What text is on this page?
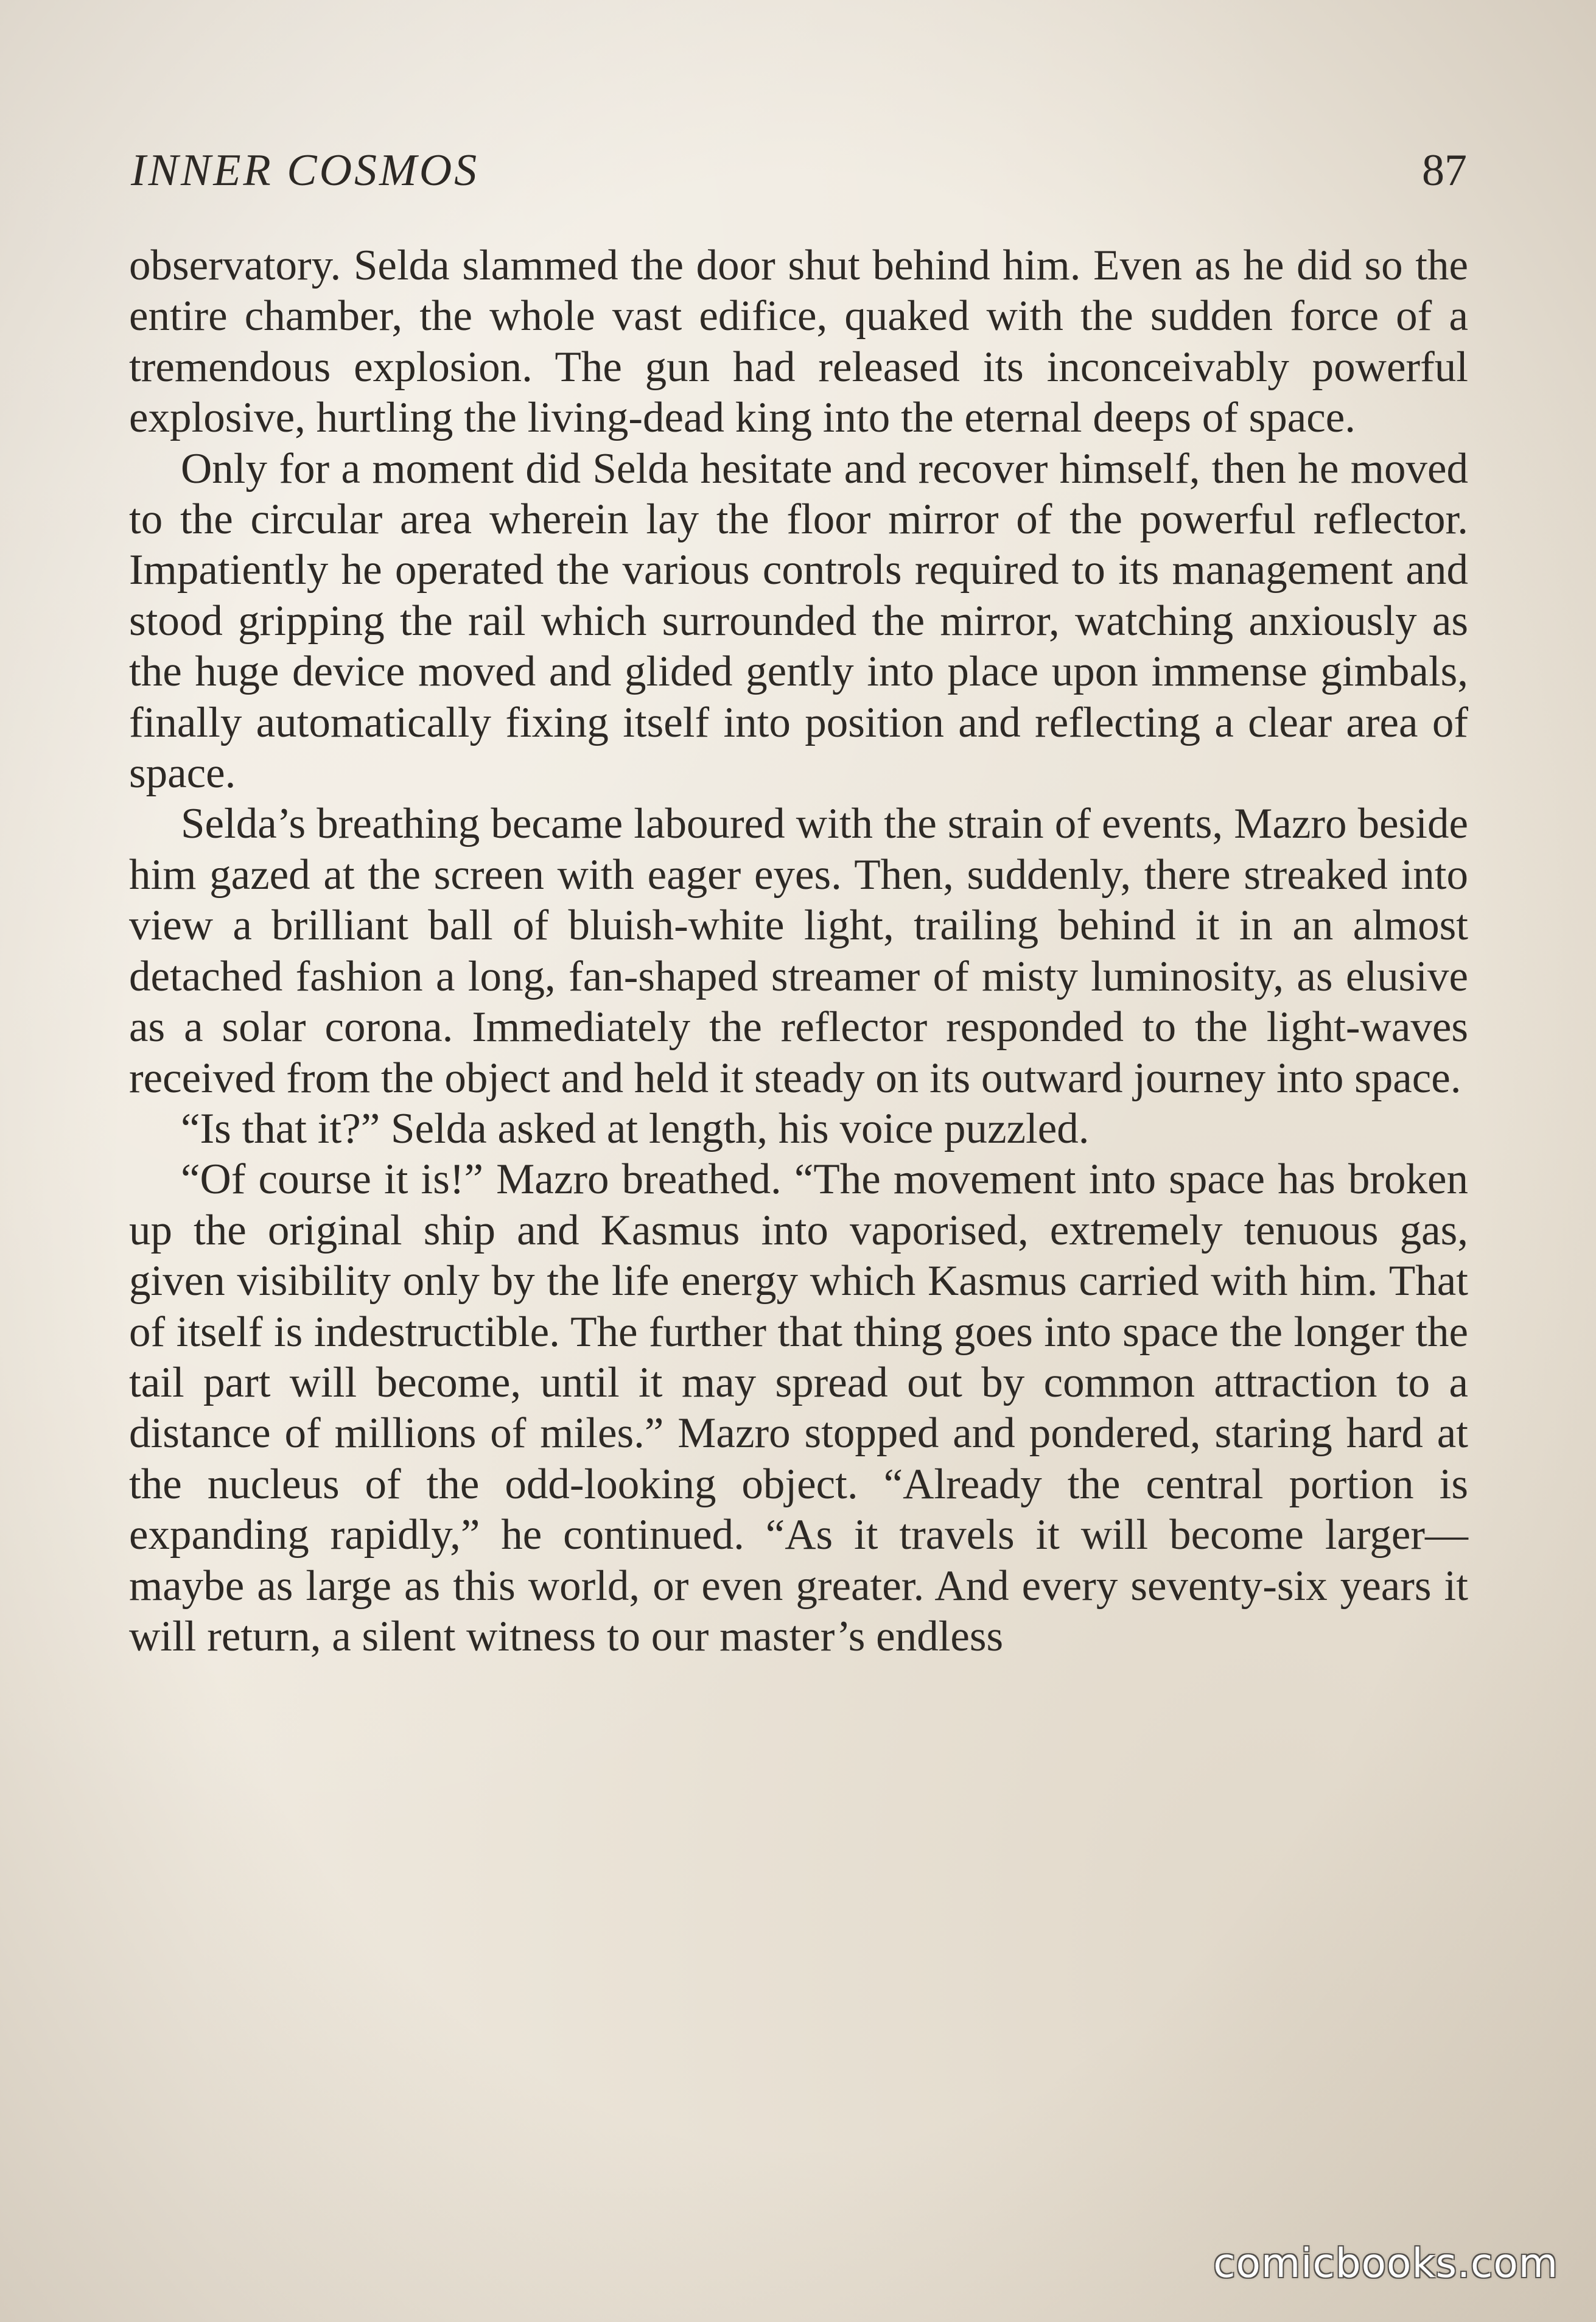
INNER COSMOS	87

observatory. Selda slammed the door shut behind him. Even as he did so the entire chamber, the whole vast edifice, quaked with the sudden force of a tremendous explosion. The gun had released its inconceivably powerful explosive, hurtling the living-dead king into the eternal deeps of space.

Only for a moment did Selda hesitate and recover himself, then he moved to the circular area wherein lay the floor mirror of the powerful reflector. Impatiently he operated the various controls required to its management and stood gripping the rail which surrounded the mirror, watching anxiously as the huge device moved and glided gently into place upon immense gimbals, finally automatically fixing itself into position and reflecting a clear area of space.

Selda’s breathing became laboured with the strain of events, Mazro beside him gazed at the screen with eager eyes. Then, suddenly, there streaked into view a brilliant ball of bluish-white light, trailing behind it in an almost detached fashion a long, fan-shaped streamer of misty luminosity, as elusive as a solar corona. Immediately the reflector responded to the light-waves received from the object and held it steady on its outward journey into space.

“Is that it?” Selda asked at length, his voice puzzled.

“Of course it is!” Mazro breathed. “The movement into space has broken up the original ship and Kasmus into vaporised, extremely tenuous gas, given visibility only by the life energy which Kasmus carried with him. That of itself is indestructible. The further that thing goes into space the longer the tail part will become, until it may spread out by common attraction to a distance of millions of miles.” Mazro stopped and pondered, staring hard at the nucleus of the odd-looking object. “Already the central portion is expanding rapidly,” he continued. “As it travels it will become larger—maybe as large as this world, or even greater. And every seventy-six years it will return, a silent witness to our master’s endless

comicbooks.com
